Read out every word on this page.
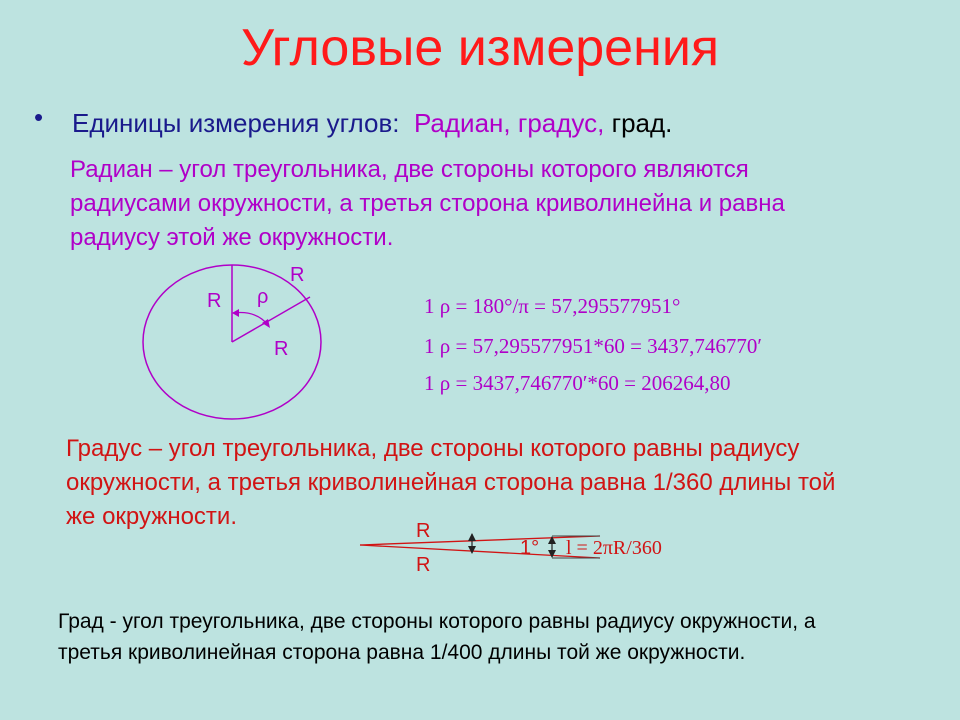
Угловые измерения
• Единицы измерения углов: Радиан, градус, град.
Радиан – угол треугольника, две стороны которого являются
радиусами окружности, а третья сторона криволинейна и равна
радиусу этой же окружности.
R
R ρ
R
1 ρ = 180°/π = 57,295577951°
1 ρ = 57,295577951*60 = 3437,746770′
1 ρ = 3437,746770′*60 = 206264,80
Градус – угол треугольника, две стороны которого равны радиусу
окружности, а третья криволинейная сторона равна 1/360 длины той
же окружности.
R
R
1° l = 2πR/360
Град - угол треугольника, две стороны которого равны радиусу окружности, а
третья криволинейная сторона равна 1/400 длины той же окружности.
